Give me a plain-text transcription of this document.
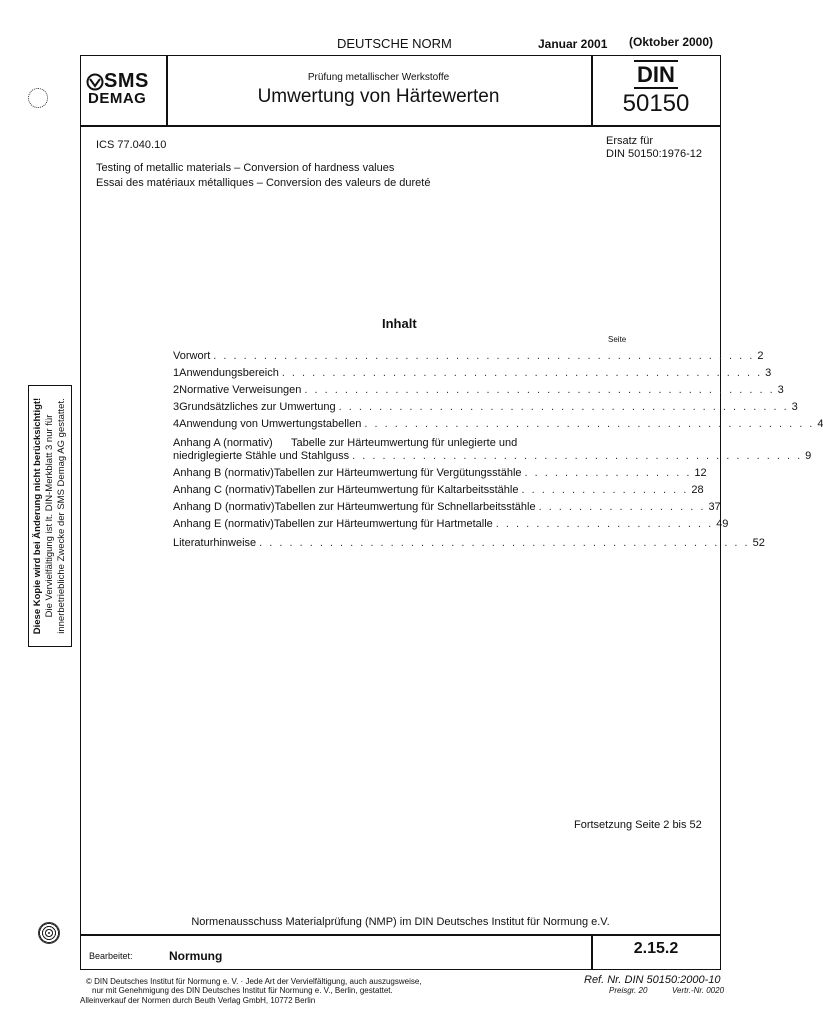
DEUTSCHE NORM	Januar 2001 (Oktober 2000)
SMS
DEMAG
Prüfung metallischer Werkstoffe
Umwertung von Härtewerten
DIN
50150
ICS 77.040.10	Ersatz für
DIN 50150:1976-12
Testing of metallic materials – Conversion of hardness values
Essai des matériaux métalliques – Conversion des valeurs de dureté
Inhalt
Seite
Vorwort . . . . . . . . . . . . . . . . . . . . . . . . . . . . . . . . . . . . . . . . . . . . . . . . . . . . . . 2
1 Anwendungsbereich . . . . . . . . . . . . . . . . . . . . . . . . . . . . . . . . . . . . . . . . . . . . . . . . 3
2 Normative Verweisungen . . . . . . . . . . . . . . . . . . . . . . . . . . . . . . . . . . . . . . . . . . . . . . . 3
3 Grundsätzliches zur Umwertung . . . . . . . . . . . . . . . . . . . . . . . . . . . . . . . . . . . . . . . . . . . . . 3
4 Anwendung von Umwertungstabellen . . . . . . . . . . . . . . . . . . . . . . . . . . . . . . . . . . . . . . . . . . . . . 4
Anhang A (normativ)	Tabelle zur Härteumwertung für unlegierte und
niedriglegierte Stähle und Stahlguss . . . . . . . . . . . . . . . . . . . . . . . . . . . . . . . . . . . . . . . . . . . . . 9
Anhang B (normativ) Tabellen zur Härteumwertung für Vergütungsstähle . . . . . . . . . . . . . . . . . 12
Anhang C (normativ) Tabellen zur Härteumwertung für Kaltarbeitsstähle . . . . . . . . . . . . . . . . . 28
Anhang D (normativ) Tabellen zur Härteumwertung für Schnellarbeitsstähle . . . . . . . . . . . . . . . . . 37
Anhang E (normativ) Tabellen zur Härteumwertung für Hartmetalle . . . . . . . . . . . . . . . . . . . . . . 49
Literaturhinweise . . . . . . . . . . . . . . . . . . . . . . . . . . . . . . . . . . . . . . . . . . . . . . . . . 52
Fortsetzung Seite 2 bis 52
Normenausschuss Materialprüfung (NMP) im DIN Deutsches Institut für Normung e.V.
Bearbeitet:	Normung	2.15.2
© DIN Deutsches Institut für Normung e. V. · Jede Art der Vervielfältigung, auch auszugsweise,
nur mit Genehmigung des DIN Deutsches Institut für Normung e. V., Berlin, gestattet.
Alleinverkauf der Normen durch Beuth Verlag GmbH, 10772 Berlin
Ref. Nr. DIN 50150:2000-10
Preisgr. 20	Vertr.-Nr. 0020
Diese Kopie wird bei Änderung nicht berücksichtigt! Die Vervielfältigung ist lt. DIN-Merkblatt 3 nur für innerbetriebliche Zwecke der SMS Demag AG gestattet.
